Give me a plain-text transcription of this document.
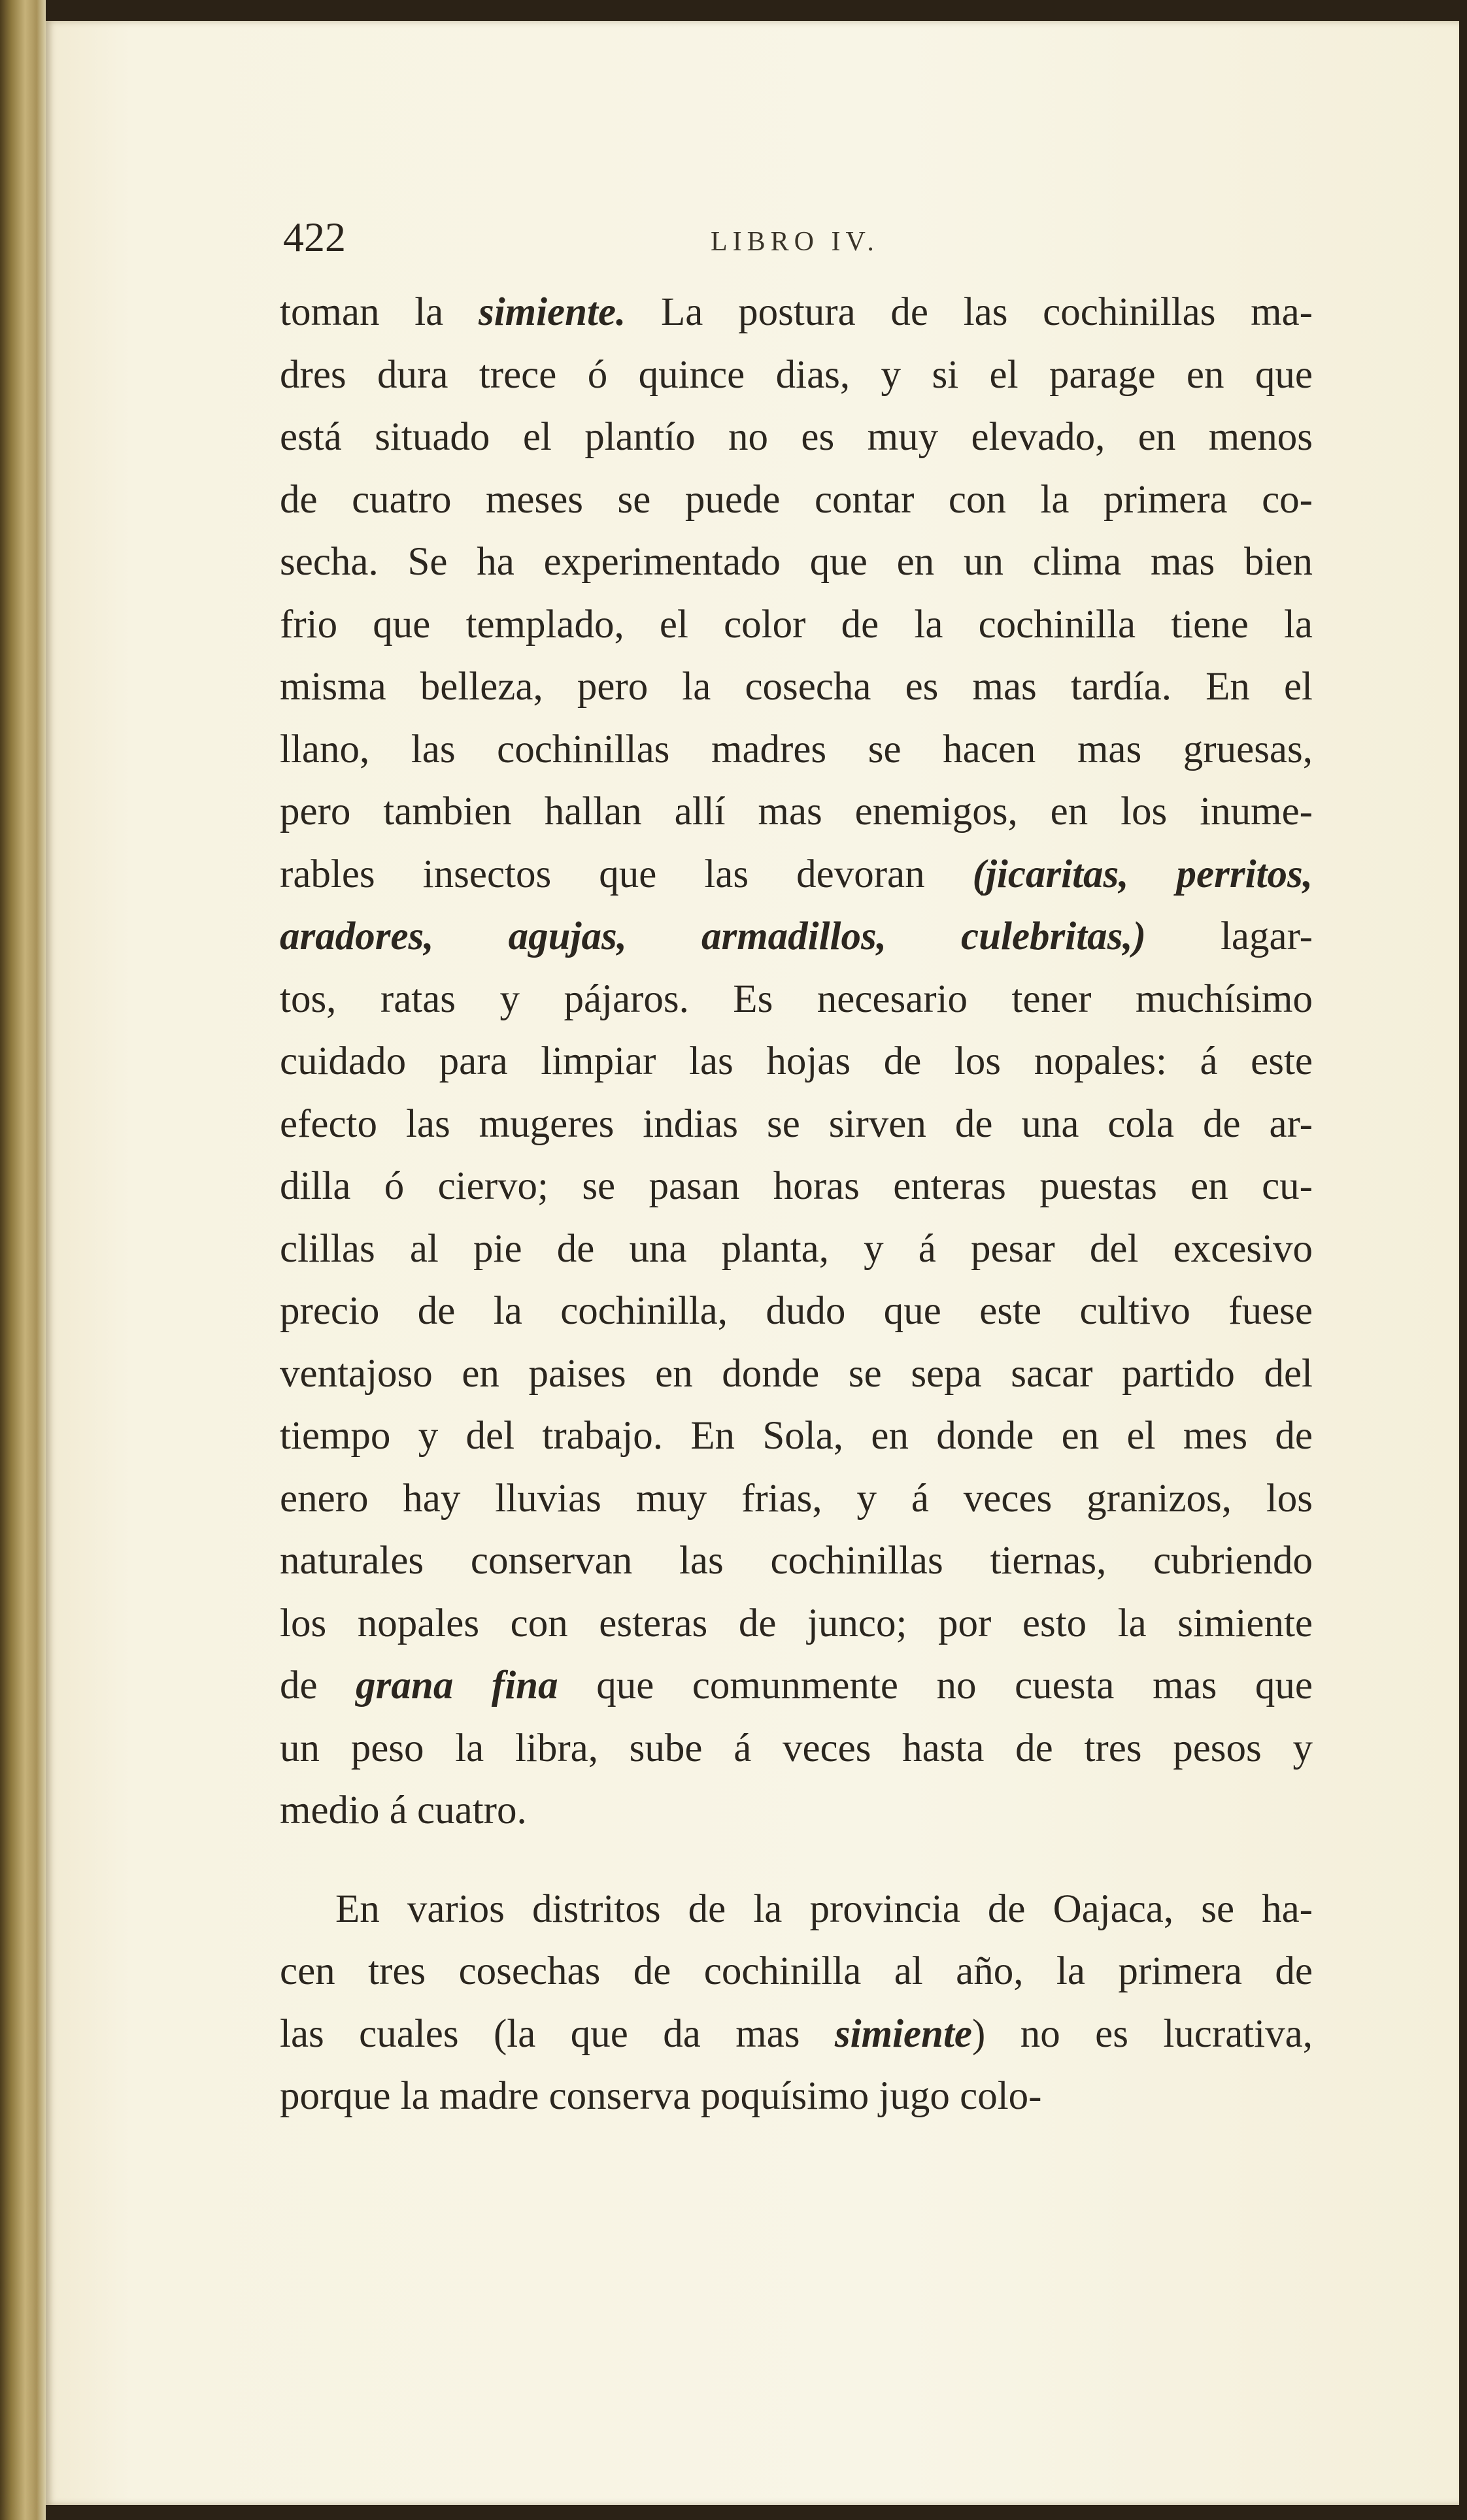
422	LIBRO IV.
toman la simiente. La postura de las cochinillas ma-
dres dura trece ó quince dias, y si el parage en que
está situado el plantío no es muy elevado, en menos
de cuatro meses se puede contar con la primera co-
secha. Se ha experimentado que en un clima mas bien
frio que templado, el color de la cochinilla tiene la
misma belleza, pero la cosecha es mas tardía. En el
llano, las cochinillas madres se hacen mas gruesas,
pero tambien hallan allí mas enemigos, en los inume-
rables insectos que las devoran (jicaritas, perritos,
aradores, agujas, armadillos, culebritas,) lagar-
tos, ratas y pájaros. Es necesario tener muchísimo
cuidado para limpiar las hojas de los nopales: á este
efecto las mugeres indias se sirven de una cola de ar-
dilla ó ciervo; se pasan horas enteras puestas en cu-
clillas al pie de una planta, y á pesar del excesivo
precio de la cochinilla, dudo que este cultivo fuese
ventajoso en paises en donde se sepa sacar partido del
tiempo y del trabajo. En Sola, en donde en el mes de
enero hay lluvias muy frias, y á veces granizos, los
naturales conservan las cochinillas tiernas, cubriendo
los nopales con esteras de junco; por esto la simiente
de grana fina que comunmente no cuesta mas que
un peso la libra, sube á veces hasta de tres pesos y
medio á cuatro.
En varios distritos de la provincia de Oajaca, se ha-
cen tres cosechas de cochinilla al año, la primera de
las cuales (la que da mas simiente) no es lucrativa,
porque la madre conserva poquísimo jugo colo-
